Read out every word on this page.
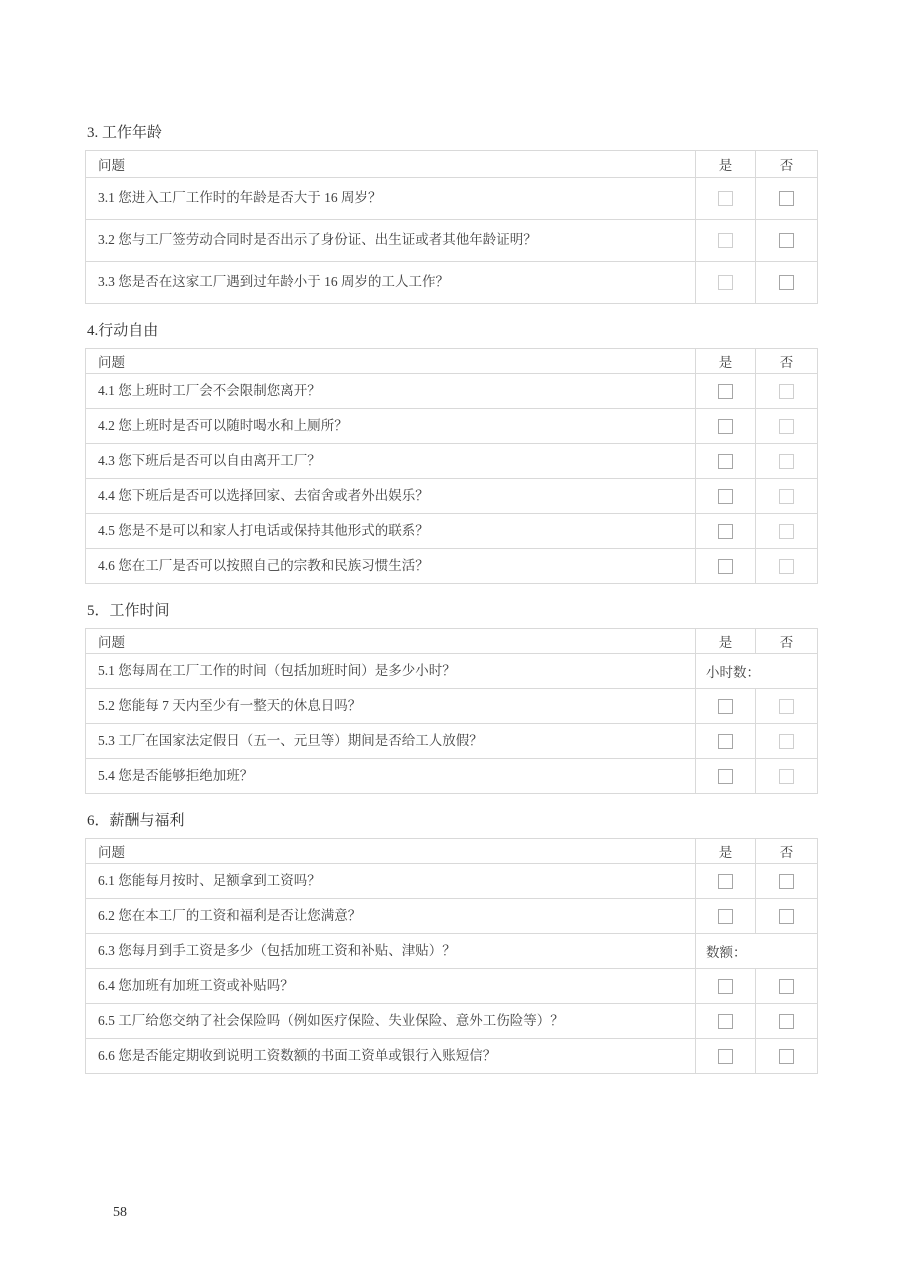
3. 工作年龄
问题	是	否
3.1 您进入工厂工作时的年龄是否大于 16 周岁？		
3.2 您与工厂签劳动合同时是否出示了身份证、出生证或者其他年龄证明？		
3.3 您是否在这家工厂遇到过年龄小于 16 周岁的工人工作？		
4.行动自由
问题	是	否
4.1 您上班时工厂会不会限制您离开？		
4.2 您上班时是否可以随时喝水和上厕所？		
4.3 您下班后是否可以自由离开工厂？		
4.4 您下班后是否可以选择回家、去宿舍或者外出娱乐？		
4.5 您是不是可以和家人打电话或保持其他形式的联系？		
4.6 您在工厂是否可以按照自己的宗教和民族习惯生活？		
5．工作时间
问题	是	否
5.1 您每周在工厂工作的时间（包括加班时间）是多少小时？	小时数：	
5.2 您能每 7 天内至少有一整天的休息日吗？		
5.3 工厂在国家法定假日（五一、元旦等）期间是否给工人放假？		
5.4 您是否能够拒绝加班？		
6．薪酬与福利
问题	是	否
6.1 您能每月按时、足额拿到工资吗？		
6.2 您在本工厂的工资和福利是否让您满意？		
6.3 您每月到手工资是多少（包括加班工资和补贴、津贴）？	数额：	
6.4 您加班有加班工资或补贴吗？		
6.5 工厂给您交纳了社会保险吗（例如医疗保险、失业保险、意外工伤险等）？		
6.6 您是否能定期收到说明工资数额的书面工资单或银行入账短信？		
58
